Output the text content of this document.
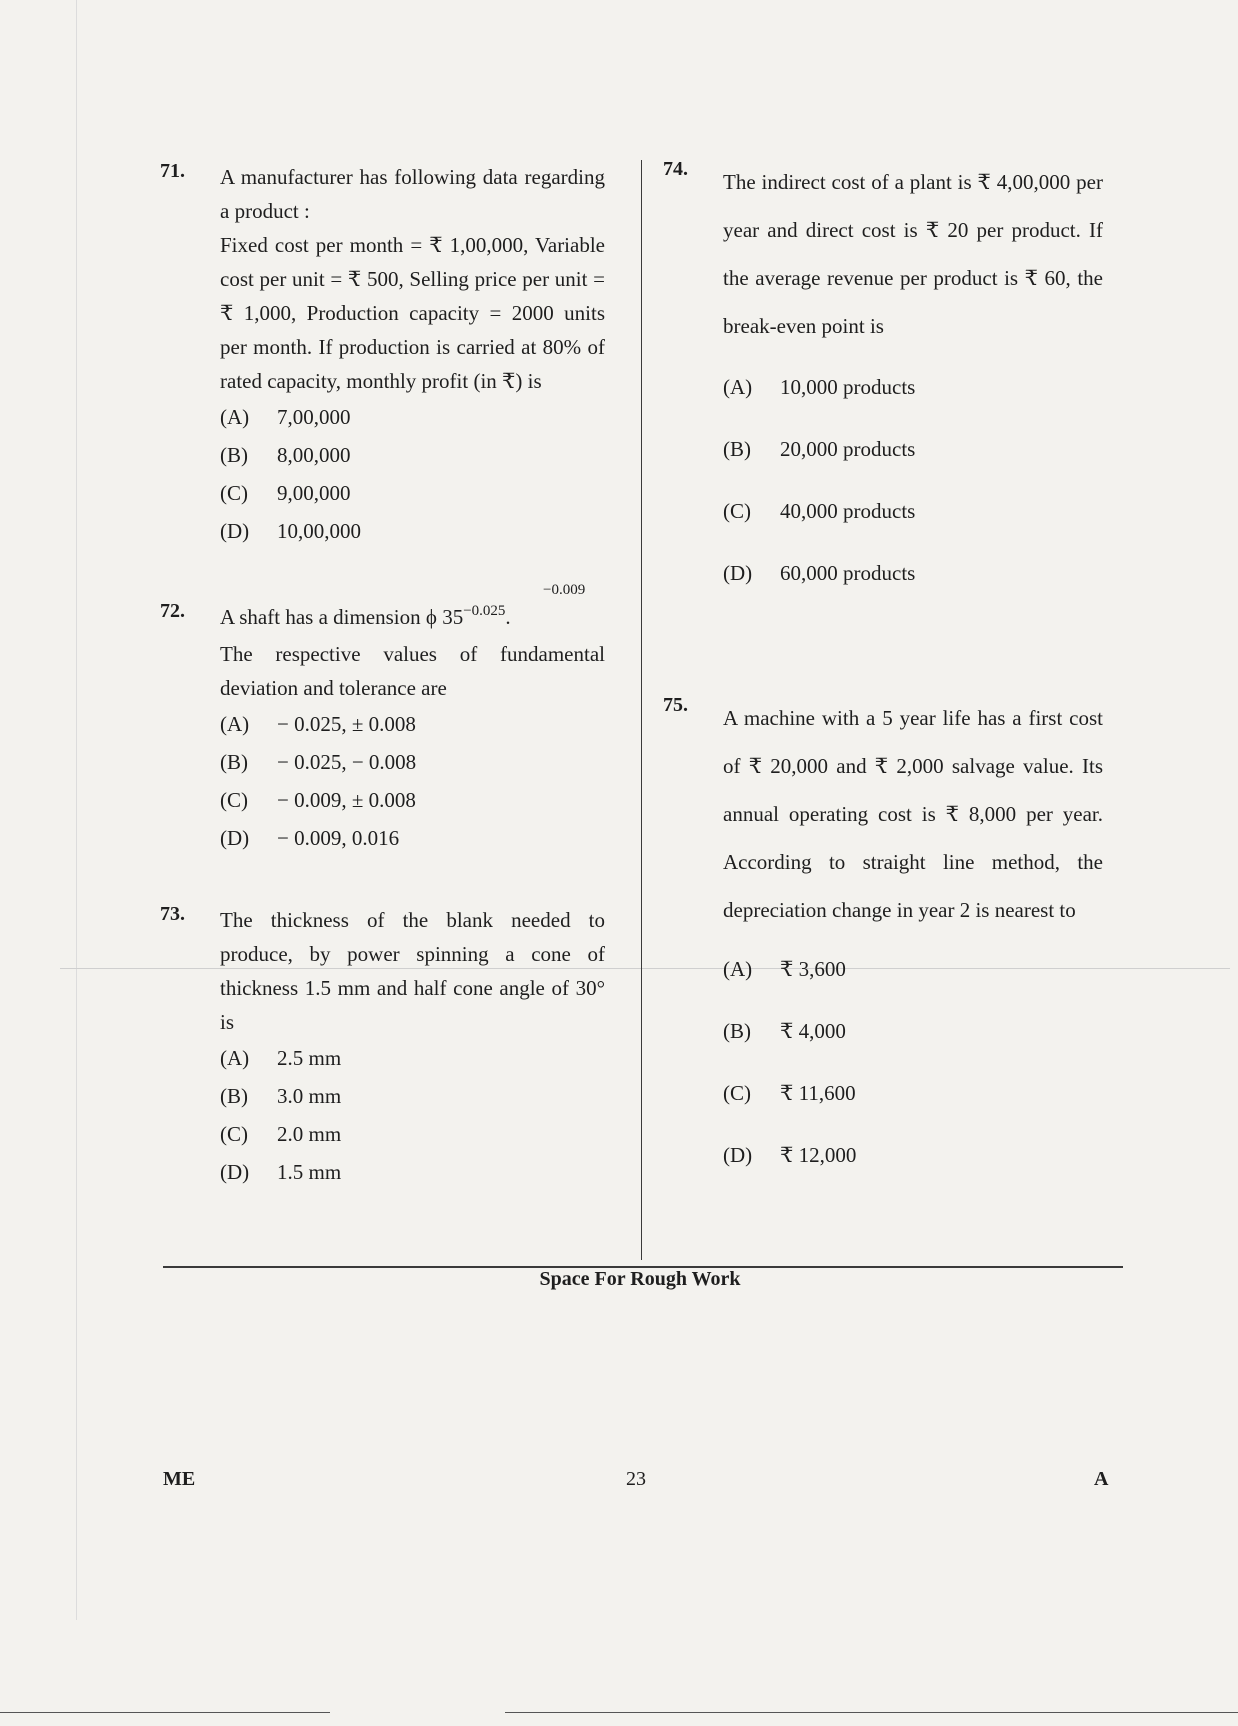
71. A manufacturer has following data regarding a product :

Fixed cost per month = ₹ 1,00,000, Variable cost per unit = ₹ 500, Selling price per unit = ₹ 1,000, Production capacity = 2000 units per month. If production is carried at 80% of rated capacity, monthly profit (in ₹) is

(A)	7,00,000
(B)	8,00,000
(C)	9,00,000
(D)	10,00,000
−0.009
72. A shaft has a dimension ϕ $35^{-0.025}$.

The respective values of fundamental deviation and tolerance are

(A)	− 0.025, ± 0.008
(B)	− 0.025, − 0.008
(C)	− 0.009, ± 0.008
(D)	− 0.009, 0.016
73. The thickness of the blank needed to produce, by power spinning a cone of thickness 1.5 mm and half cone angle of 30° is

(A)	2.5 mm
(B)	3.0 mm
(C)	2.0 mm
(D)	1.5 mm
74.

The indirect cost of a plant is ₹ 4,00,000 per year and direct cost is ₹ 20 per product. If the average revenue per product is ₹ 60, the break-even point is

(A)	10,000 products
(B)	20,000 products
(C)	40,000 products
(D)	60,000 products
75.

A machine with a 5 year life has a first cost of ₹ 20,000 and ₹ 2,000 salvage value. Its annual operating cost is ₹ 8,000 per year. According to straight line method, the depreciation change in year 2 is nearest to

(A)	₹ 3,600
(B)	₹ 4,000
(C)	₹ 11,600
(D)	₹ 12,000
Space For Rough Work
ME	23	A
